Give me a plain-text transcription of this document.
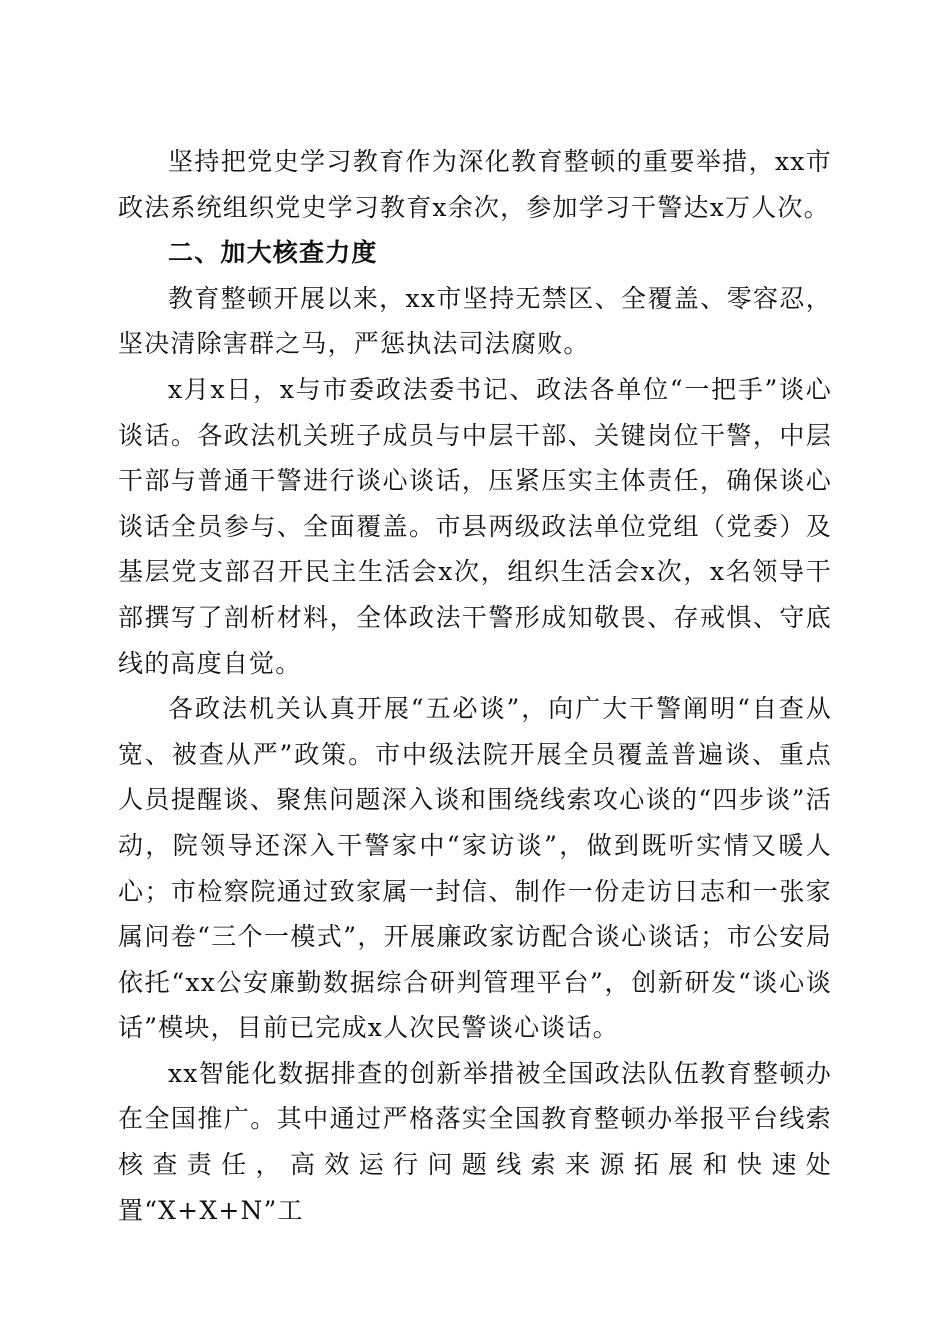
坚持把党史学习教育作为深化教育整顿的重要举措，xx市政法系统组织党史学习教育x余次，参加学习干警达x万人次。

二、加大核查力度

教育整顿开展以来，xx市坚持无禁区、全覆盖、零容忍，坚决清除害群之马，严惩执法司法腐败。

x月x日，x与市委政法委书记、政法各单位“一把手”谈心谈话。各政法机关班子成员与中层干部、关键岗位干警，中层干部与普通干警进行谈心谈话，压紧压实主体责任，确保谈心谈话全员参与、全面覆盖。市县两级政法单位党组（党委）及基层党支部召开民主生活会x次，组织生活会x次，x名领导干部撰写了剖析材料，全体政法干警形成知敬畏、存戒惧、守底线的高度自觉。

各政法机关认真开展“五必谈”，向广大干警阐明“自查从宽、被查从严”政策。市中级法院开展全员覆盖普遍谈、重点人员提醒谈、聚焦问题深入谈和围绕线索攻心谈的“四步谈”活动，院领导还深入干警家中“家访谈”，做到既听实情又暖人心；市检察院通过致家属一封信、制作一份走访日志和一张家属问卷“三个一模式”，开展廉政家访配合谈心谈话；市公安局依托“xx公安廉勤数据综合研判管理平台”，创新研发“谈心谈话”模块，目前已完成x人次民警谈心谈话。

xx智能化数据排查的创新举措被全国政法队伍教育整顿办在全国推广。其中通过严格落实全国教育整顿办举报平台线索核查责任，高效运行问题线索来源拓展和快速处置“X+X+N”工
